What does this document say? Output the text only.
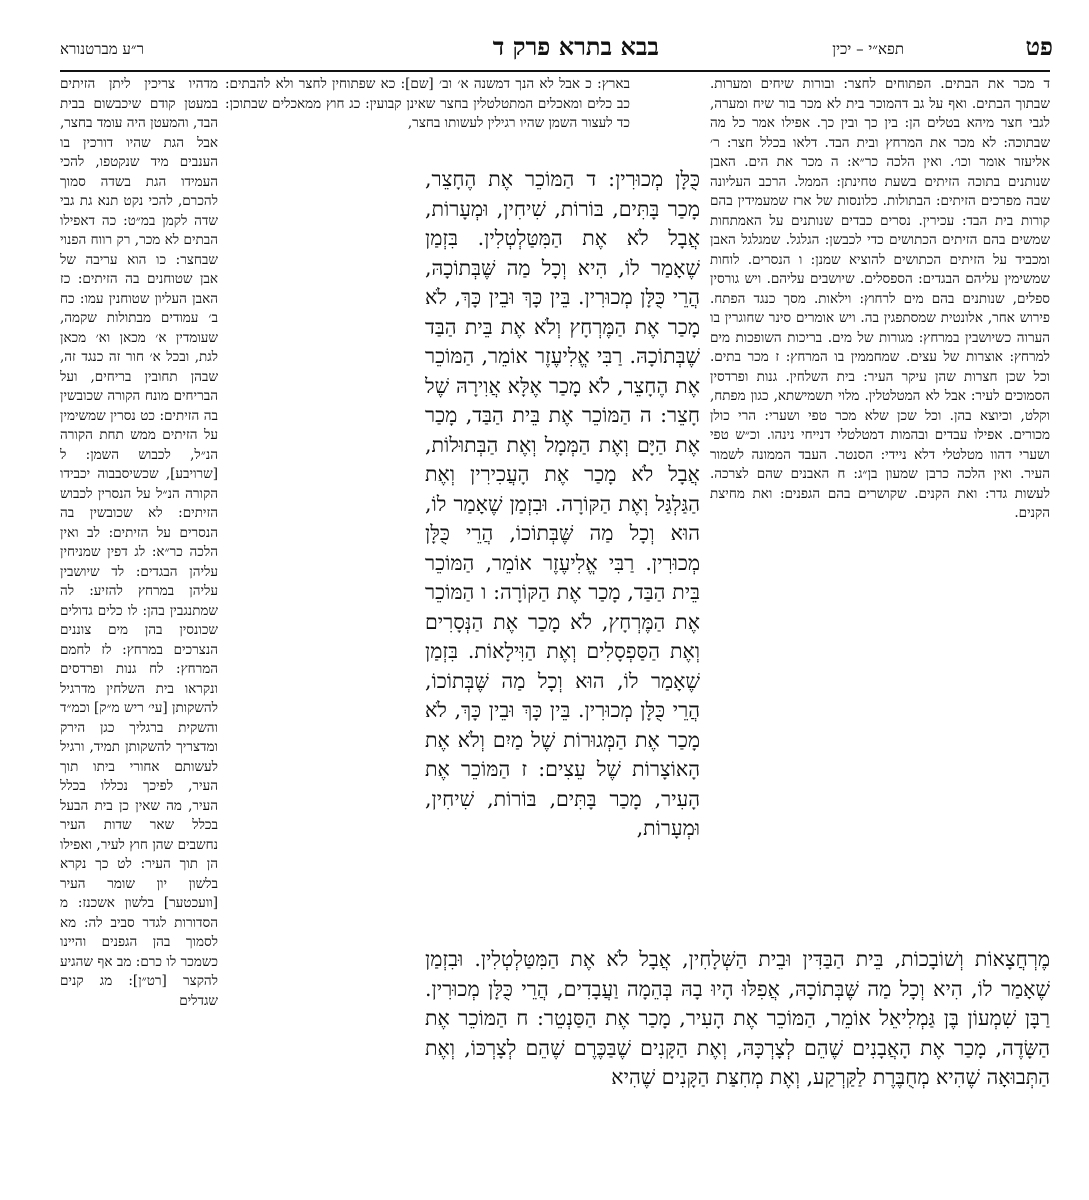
פט
תפא״י – יכין
בבא בתרא פרק ד
ר״ע מברטנורא

בארץ: כ אבל לא הנך דמשנה א׳ וב׳ [שם]: כא שפתוחין לחצר ולא להבתים: כב כלים ומאכלים המתטלטלין בחצר שאינן קבועין: כג חוץ ממאכלים שבתוכן: כד לעצור השמן שהיו רגילין לעשותו בחצר,

מדהיו צריכין ליתן הזיתים במעטן קודם שיכבשום בבית הבד, והמעטן היה עומד בחצר, אבל הגת שהיו דורכין בו הענבים מיד שנקטפו, להכי העמידו הגת בשדה סמוך להכרם, להכי נקט תנא גת גבי שדה לקמן במ״ט: כה דאפילו הבתים לא מכר, רק רווח הפנוי שבחצר: כו הוא עריבה של אבן שטוחנים בה הזיתים: כז האבן העליון שטוחנין עמו: כח ב׳ עמודים מבתולות שקמה, שעומדין א׳ מכאן וא׳ מכאן לגת, ובכל א׳ חור זה כנגד זה, שבהן תחובין בריחים, ועל הבריחים מונח הקורה שכובשין בה הזיתים: כט נסרין שמשימין על הזיתים ממש תחת הקורה הנ״ל, לכבוש השמן: ל [שרויבע], שכשיסבבוה יכבידו הקורה הנ״ל על הנסרין לכבוש הזיתים: לא שכובשין בה הנסרים על הזיתים: לב ואין הלכה כר״א: לג דפין שמניחין עליהן הבגדים: לד שיושבין עליהן במרחץ להזיע: לה שמתנגבין בהן: לו כלים גדולים שכונסין בהן מים צוננים הנצרכים במרחץ: לז לחמם המרחץ: לח גנות ופרדסים ונקראו בית השלחין מדרגיל להשקותן [עי׳ ריש מ״ק] וכמ״ד והשקית ברגליך כגן הירק ומדצריך להשקותן תמיד, ורגיל לעשותם אחורי ביתו תוך העיר, לפיכך נכללו בכלל העיר, מה שאין כן בית הבעל בכלל שאר שדות העיר נחשבים שהן חוץ לעיר, ואפילו הן תוך העיר: לט כך נקרא בלשון יון שומר העיר [וועכטער] בלשון אשכנז: מ הסדורות לגדר סביב לה: מא לסמוך בהן הגפנים והיינו כשמכר לו כרם: מב אף שהגיע להקצר [רט״ן]: מג קנים שגדלים

כֻּלָּן מְכוּרִין: ד הַמּוֹכֵר אֶת הֶחָצֵר, מָכַר בָּתִּים, בּוֹרוֹת, שִׁיחִין, וּמְעָרוֹת, אֲבָל לֹא אֶת הַמִּטַּלְטְלִין. בִּזְמַן שֶׁאָמַר לוֹ, הִיא וְכָל מַה שֶּׁבְּתוֹכָהּ, הֲרֵי כֻּלָּן מְכוּרִין. בֵּין כָּךְ וּבֵין כָּךְ, לֹא מָכַר אֶת הַמֶּרְחָץ וְלֹא אֶת בֵּית הַבַּד שֶׁבְּתוֹכָהּ. רַבִּי אֱלִיעֶזֶר אוֹמֵר, הַמּוֹכֵר אֶת הֶחָצֵר, לֹא מָכַר אֶלָּא אֲוִירָהּ שֶׁל חָצֵר: ה הַמּוֹכֵר אֶת בֵּית הַבַּד, מָכַר אֶת הַיָּם וְאֶת הַמְּמָל וְאֶת הַבְּתוּלוֹת, אֲבָל לֹא מָכַר אֶת הָעֲכִירִין וְאֶת הַגַּלְגַּל וְאֶת הַקּוֹרָה. וּבִזְמַן שֶׁאָמַר לוֹ, הוּא וְכָל מַה שֶּׁבְּתוֹכוֹ, הֲרֵי כֻּלָּן מְכוּרִין. רַבִּי אֱלִיעֶזֶר אוֹמֵר, הַמּוֹכֵר בֵּית הַבַּד, מָכַר אֶת הַקּוֹרָה: ו הַמּוֹכֵר אֶת הַמֶּרְחָץ, לֹא מָכַר אֶת הַנְּסָרִים וְאֶת הַסַּפְסָלִים וְאֶת הַוִּילָאוֹת. בִּזְמַן שֶׁאָמַר לוֹ, הוּא וְכָל מַה שֶּׁבְּתוֹכוֹ, הֲרֵי כֻּלָּן מְכוּרִין. בֵּין כָּךְ וּבֵין כָּךְ, לֹא מָכַר אֶת הַמְּגוּרוֹת שֶׁל מַיִם וְלֹא אֶת הָאוֹצָרוֹת שֶׁל עֵצִים: ז הַמּוֹכֵר אֶת הָעִיר, מָכַר בָּתִּים, בּוֹרוֹת, שִׁיחִין, וּמְעָרוֹת,

ד מכר את הבתים. הפתוחים לחצר: ובורות שיחים ומערות. שבתוך הבתים. ואף על גב דהמוכר בית לא מכר בור שיח ומערה, לגבי חצר מיהא בטלים הן: בין כך ובין כך. אפילו אמר כל מה שבתוכה: לא מכר את המרחץ ובית הבד. דלאו בכלל חצר: ר׳ אליעזר אומר וכו׳. ואין הלכה כר״א: ה מכר את הים. האבן שנותנים בתוכה הזיתים בשעת טחינתן: הממל. הרכב העליונה שבה מפרכים הזיתים: הבתולות. כלונסות של ארז שמעמידין בהם קורות בית הבד: עכירין. נסרים כבדים שנותנים על האמתחות שמשים בהם הזיתים הכתושים כדי לכבשן: הגלגל. שמגלגל האבן ומכביד על הזיתים הכתושים להוציא שמנן: ו הנסרים. לוחות שמשימין עליהם הבגדים: הספסלים. שיושבים עליהם. ויש גורסין ספלים, שנותנים בהם מים לרחוץ: וילאות. מסך כנגד הפתח. פירוש אחר, אלונטית שמסתפגין בה. ויש אומרים סינר שחוגרין בו הערוה כשיושבין במרחץ: מגורות של מים. בריכות השופכות מים למרחץ: אוצרות של עצים. שמחממין בו המרחץ: ז מכר בתים. וכל שכן חצרות שהן עיקר העיר: בית השלחין. גנות ופרדסין הסמוכים לעיר: אבל לא המטלטלין. מלוי תשמישתא, כגון מפתח, וקלט, וכיוצא בהן. וכל שכן שלא מכר טפי ושערי: הרי כולן מכורים. אפילו עבדים ובהמות דמטלטלי דנייחי נינהו. וכ״ש טפי ושערי דהוו מטלטלי דלא ניידי: הסנטר. העבד הממונה לשמור העיר. ואין הלכה כרבן שמעון בן״ג: ח האבנים שהם לצרכה. לעשות גדר: ואת הקנים. שקושרים בהם הגפנים: ואת מחיצת הקנים.

מֶרְחֲצָאוֹת וְשׁוֹבָכוֹת, בֵּית הַבַּדִּין וּבֵית הַשְּׁלָחִין, אֲבָל לֹא אֶת הַמִּטַּלְטְלִין. וּבִזְמַן שֶׁאָמַר לוֹ, הִיא וְכָל מַה שֶּׁבְּתוֹכָהּ, אֲפִלּוּ הָיוּ בָהּ בְּהֵמָה וַעֲבָדִים, הֲרֵי כֻּלָּן מְכוּרִין. רַבָּן שִׁמְעוֹן בֶּן גַּמְלִיאֵל אוֹמֵר, הַמּוֹכֵר אֶת הָעִיר, מָכַר אֶת הַסַּנְטֵר: ח הַמּוֹכֵר אֶת הַשָּׂדֶה, מָכַר אֶת הָאֲבָנִים שֶׁהֵם לְצָרְכָּהּ, וְאֶת הַקָּנִים שֶׁבַּכֶּרֶם שֶׁהֵם לְצָרְכּוֹ, וְאֶת הַתְּבוּאָה שֶׁהִיא מְחֻבֶּרֶת לַקַּרְקַע, וְאֶת מְחִצַּת הַקָּנִים שֶׁהִיא
